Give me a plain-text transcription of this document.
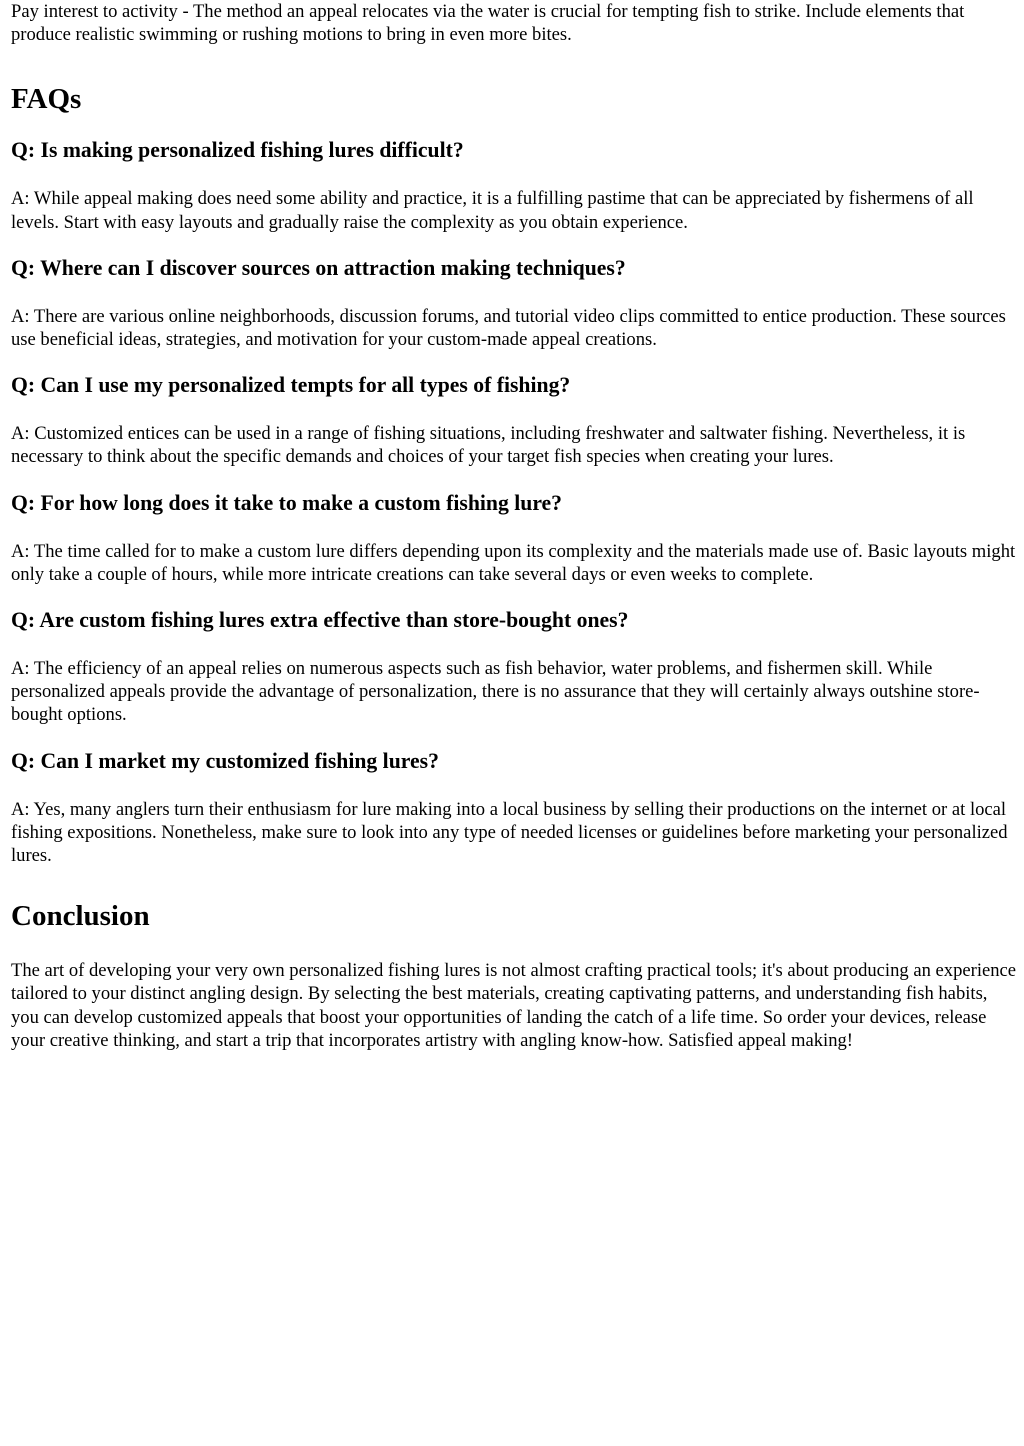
Pay interest to activity - The method an appeal relocates via the water is crucial for tempting fish to strike. Include elements that produce realistic swimming or rushing motions to bring in even more bites.

FAQs
Q: Is making personalized fishing lures difficult?

A: While appeal making does need some ability and practice, it is a fulfilling pastime that can be appreciated by fishermens of all levels. Start with easy layouts and gradually raise the complexity as you obtain experience.

Q: Where can I discover sources on attraction making techniques?

A: There are various online neighborhoods, discussion forums, and tutorial video clips committed to entice production. These sources use beneficial ideas, strategies, and motivation for your custom-made appeal creations.

Q: Can I use my personalized tempts for all types of fishing?

A: Customized entices can be used in a range of fishing situations, including freshwater and saltwater fishing. Nevertheless, it is necessary to think about the specific demands and choices of your target fish species when creating your lures.

Q: For how long does it take to make a custom fishing lure?

A: The time called for to make a custom lure differs depending upon its complexity and the materials made use of. Basic layouts might only take a couple of hours, while more intricate creations can take several days or even weeks to complete.

Q: Are custom fishing lures extra effective than store-bought ones?

A: The efficiency of an appeal relies on numerous aspects such as fish behavior, water problems, and fishermen skill. While personalized appeals provide the advantage of personalization, there is no assurance that they will certainly always outshine store-bought options.

Q: Can I market my customized fishing lures?

A: Yes, many anglers turn their enthusiasm for lure making into a local business by selling their productions on the internet or at local fishing expositions. Nonetheless, make sure to look into any type of needed licenses or guidelines before marketing your personalized lures.

Conclusion

The art of developing your very own personalized fishing lures is not almost crafting practical tools; it's about producing an experience tailored to your distinct angling design. By selecting the best materials, creating captivating patterns, and understanding fish habits, you can develop customized appeals that boost your opportunities of landing the catch of a life time. So order your devices, release your creative thinking, and start a trip that incorporates artistry with angling know-how. Satisfied appeal making!
